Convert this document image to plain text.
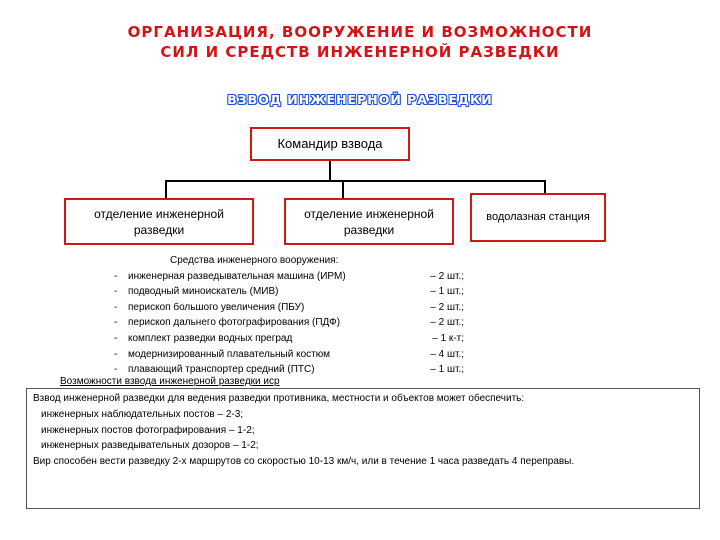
ОРГАНИЗАЦИЯ, ВООРУЖЕНИЕ И ВОЗМОЖНОСТИ
СИЛ И СРЕДСТВ ИНЖЕНЕРНОЙ РАЗВЕДКИ
ВЗВОД ИНЖЕНЕРНОЙ РАЗВЕДКИ
Командир взвода
отделение инженерной разведки
отделение инженерной разведки
водолазная станция
Средства инженерного вооружения:
-	инженерная разведывательная машина (ИРМ)	– 2 шт.;
-	подводный миноискатель (МИВ)	– 1 шт.;
-	перископ большого увеличения (ПБУ)	– 2 шт.;
-	перископ дальнего фотографирования (ПДФ)	– 2 шт.;
-	комплект разведки водных преград	– 1 к-т;
-	модернизированный плавательный костюм	– 4 шт.;
-	плавающий транспортер средний (ПТС)	– 1 шт.;
Возможности взвода инженерной разведки иср
Взвод инженерной разведки для ведения разведки противника, местности и объектов может обеспечить:
инженерных наблюдательных постов – 2-3;
инженерных постов фотографирования – 1-2;
инженерных разведывательных дозоров – 1-2;
Вир способен вести разведку 2-х маршрутов со скоростью 10-13 км/ч, или в течение 1 часа разведать 4 переправы.
